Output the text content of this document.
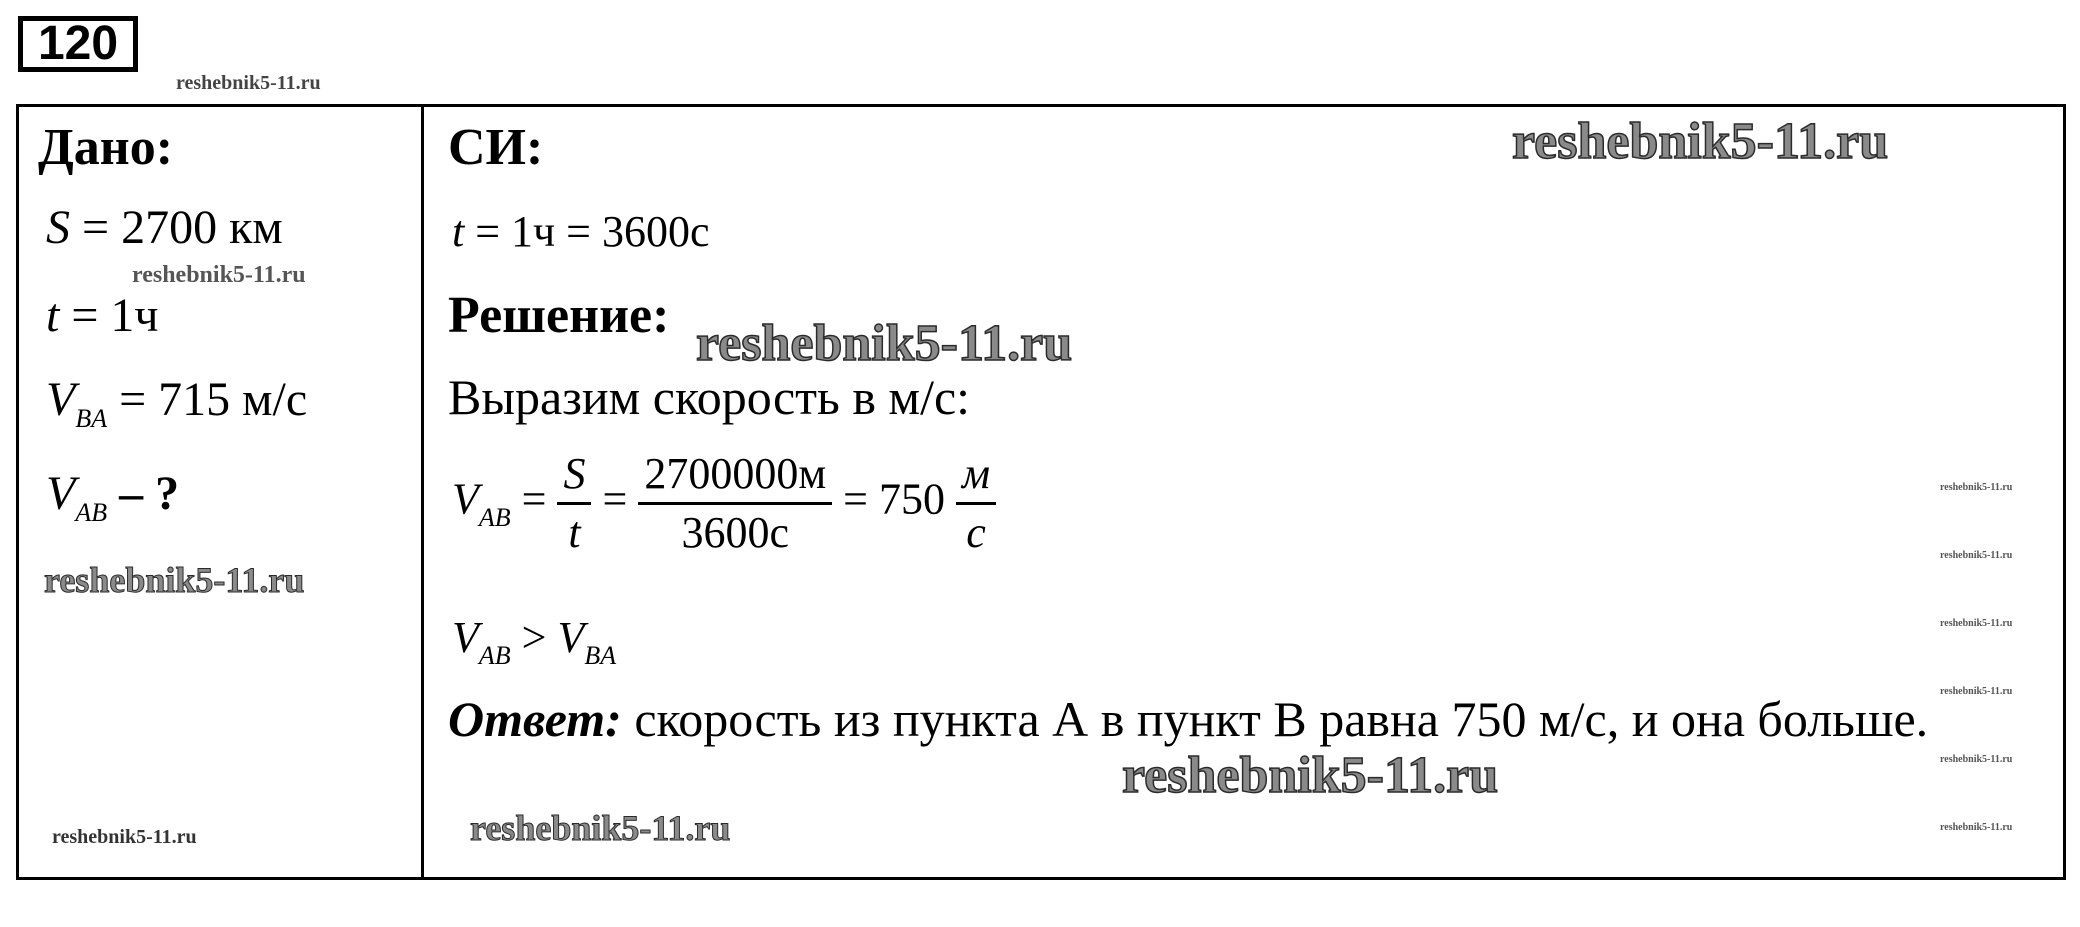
120
reshebnik5-11.ru
reshebnik5-11.ru
reshebnik5-11.ru
reshebnik5-11.ru
reshebnik5-11.ru
reshebnik5-11.ru
reshebnik5-11.ru
reshebnik5-11.ru
reshebnik5-11.ru
reshebnik5-11.ru
reshebnik5-11.ru
reshebnik5-11.ru
reshebnik5-11.ru
reshebnik5-11.ru
Дано:
S = 2700 км
t = 1ч
$V_{BA} = 715$ м/с
$V_{AB}$ – ?
СИ:
t = 1ч = 3600с
Решение:
Выразим скорость в м/с:
$V_{AB} = \frac{S}{t} = \frac{2700000м}{3600с} = 750 \frac{м}{с}$
$V_{AB} > V_{BA}$
Ответ: скорость из пункта А в пункт В равна 750 м/с, и она больше.
